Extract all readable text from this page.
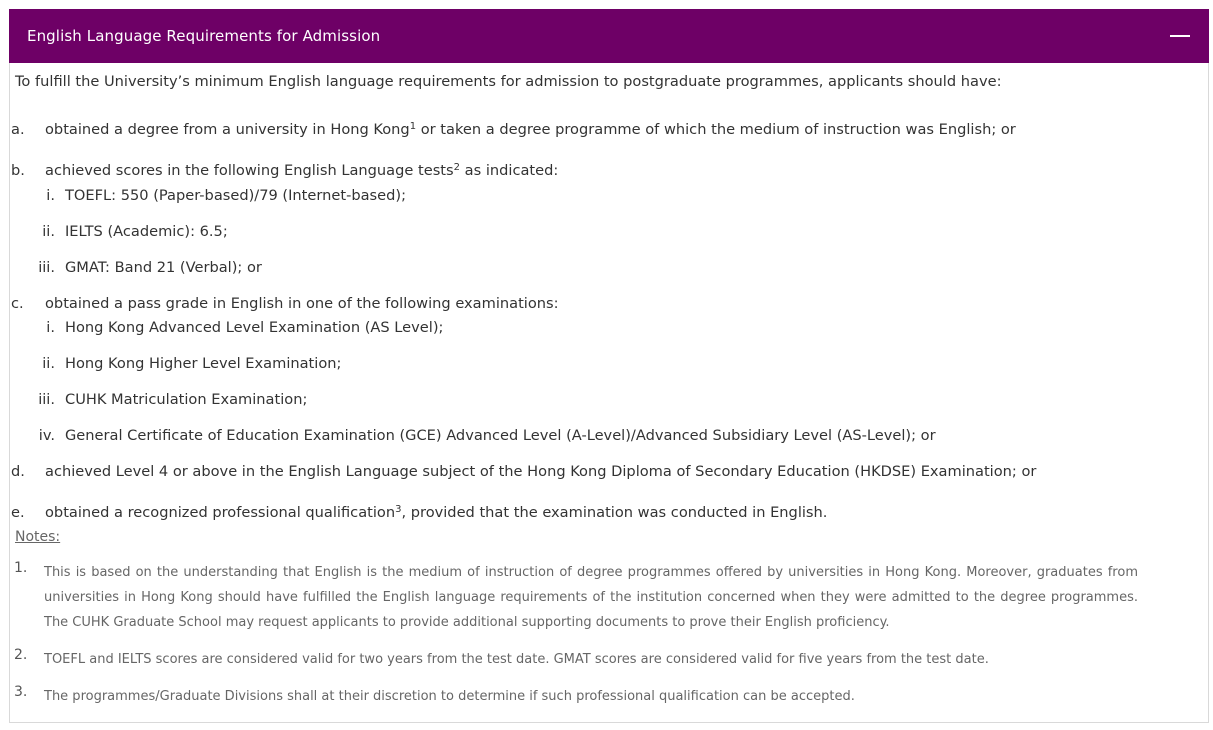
English Language Requirements for Admission

To fulfill the University’s minimum English language requirements for admission to postgraduate programmes, applicants should have:

a.	obtained a degree from a university in Hong Kong$^1$ or taken a degree programme of which the medium of instruction was English; or
b.	achieved scores in the following English Language tests$^2$ as indicated:
i. TOEFL: 550 (Paper-based)/79 (Internet-based);
ii. IELTS (Academic): 6.5;
iii. GMAT: Band 21 (Verbal); or
c.	obtained a pass grade in English in one of the following examinations:
i. Hong Kong Advanced Level Examination (AS Level);
ii. Hong Kong Higher Level Examination;
iii. CUHK Matriculation Examination;
iv. General Certificate of Education Examination (GCE) Advanced Level (A-Level)/Advanced Subsidiary Level (AS-Level); or
d.	achieved Level 4 or above in the English Language subject of the Hong Kong Diploma of Secondary Education (HKDSE) Examination; or
e.	obtained a recognized professional qualification$^3$, provided that the examination was conducted in English.

Notes:

1.	This is based on the understanding that English is the medium of instruction of degree programmes offered by universities in Hong Kong. Moreover, graduates from universities in Hong Kong should have fulfilled the English language requirements of the institution concerned when they were admitted to the degree programmes. The CUHK Graduate School may request applicants to provide additional supporting documents to prove their English proficiency.
2.	TOEFL and IELTS scores are considered valid for two years from the test date. GMAT scores are considered valid for five years from the test date.
3.	The programmes/Graduate Divisions shall at their discretion to determine if such professional qualification can be accepted.
